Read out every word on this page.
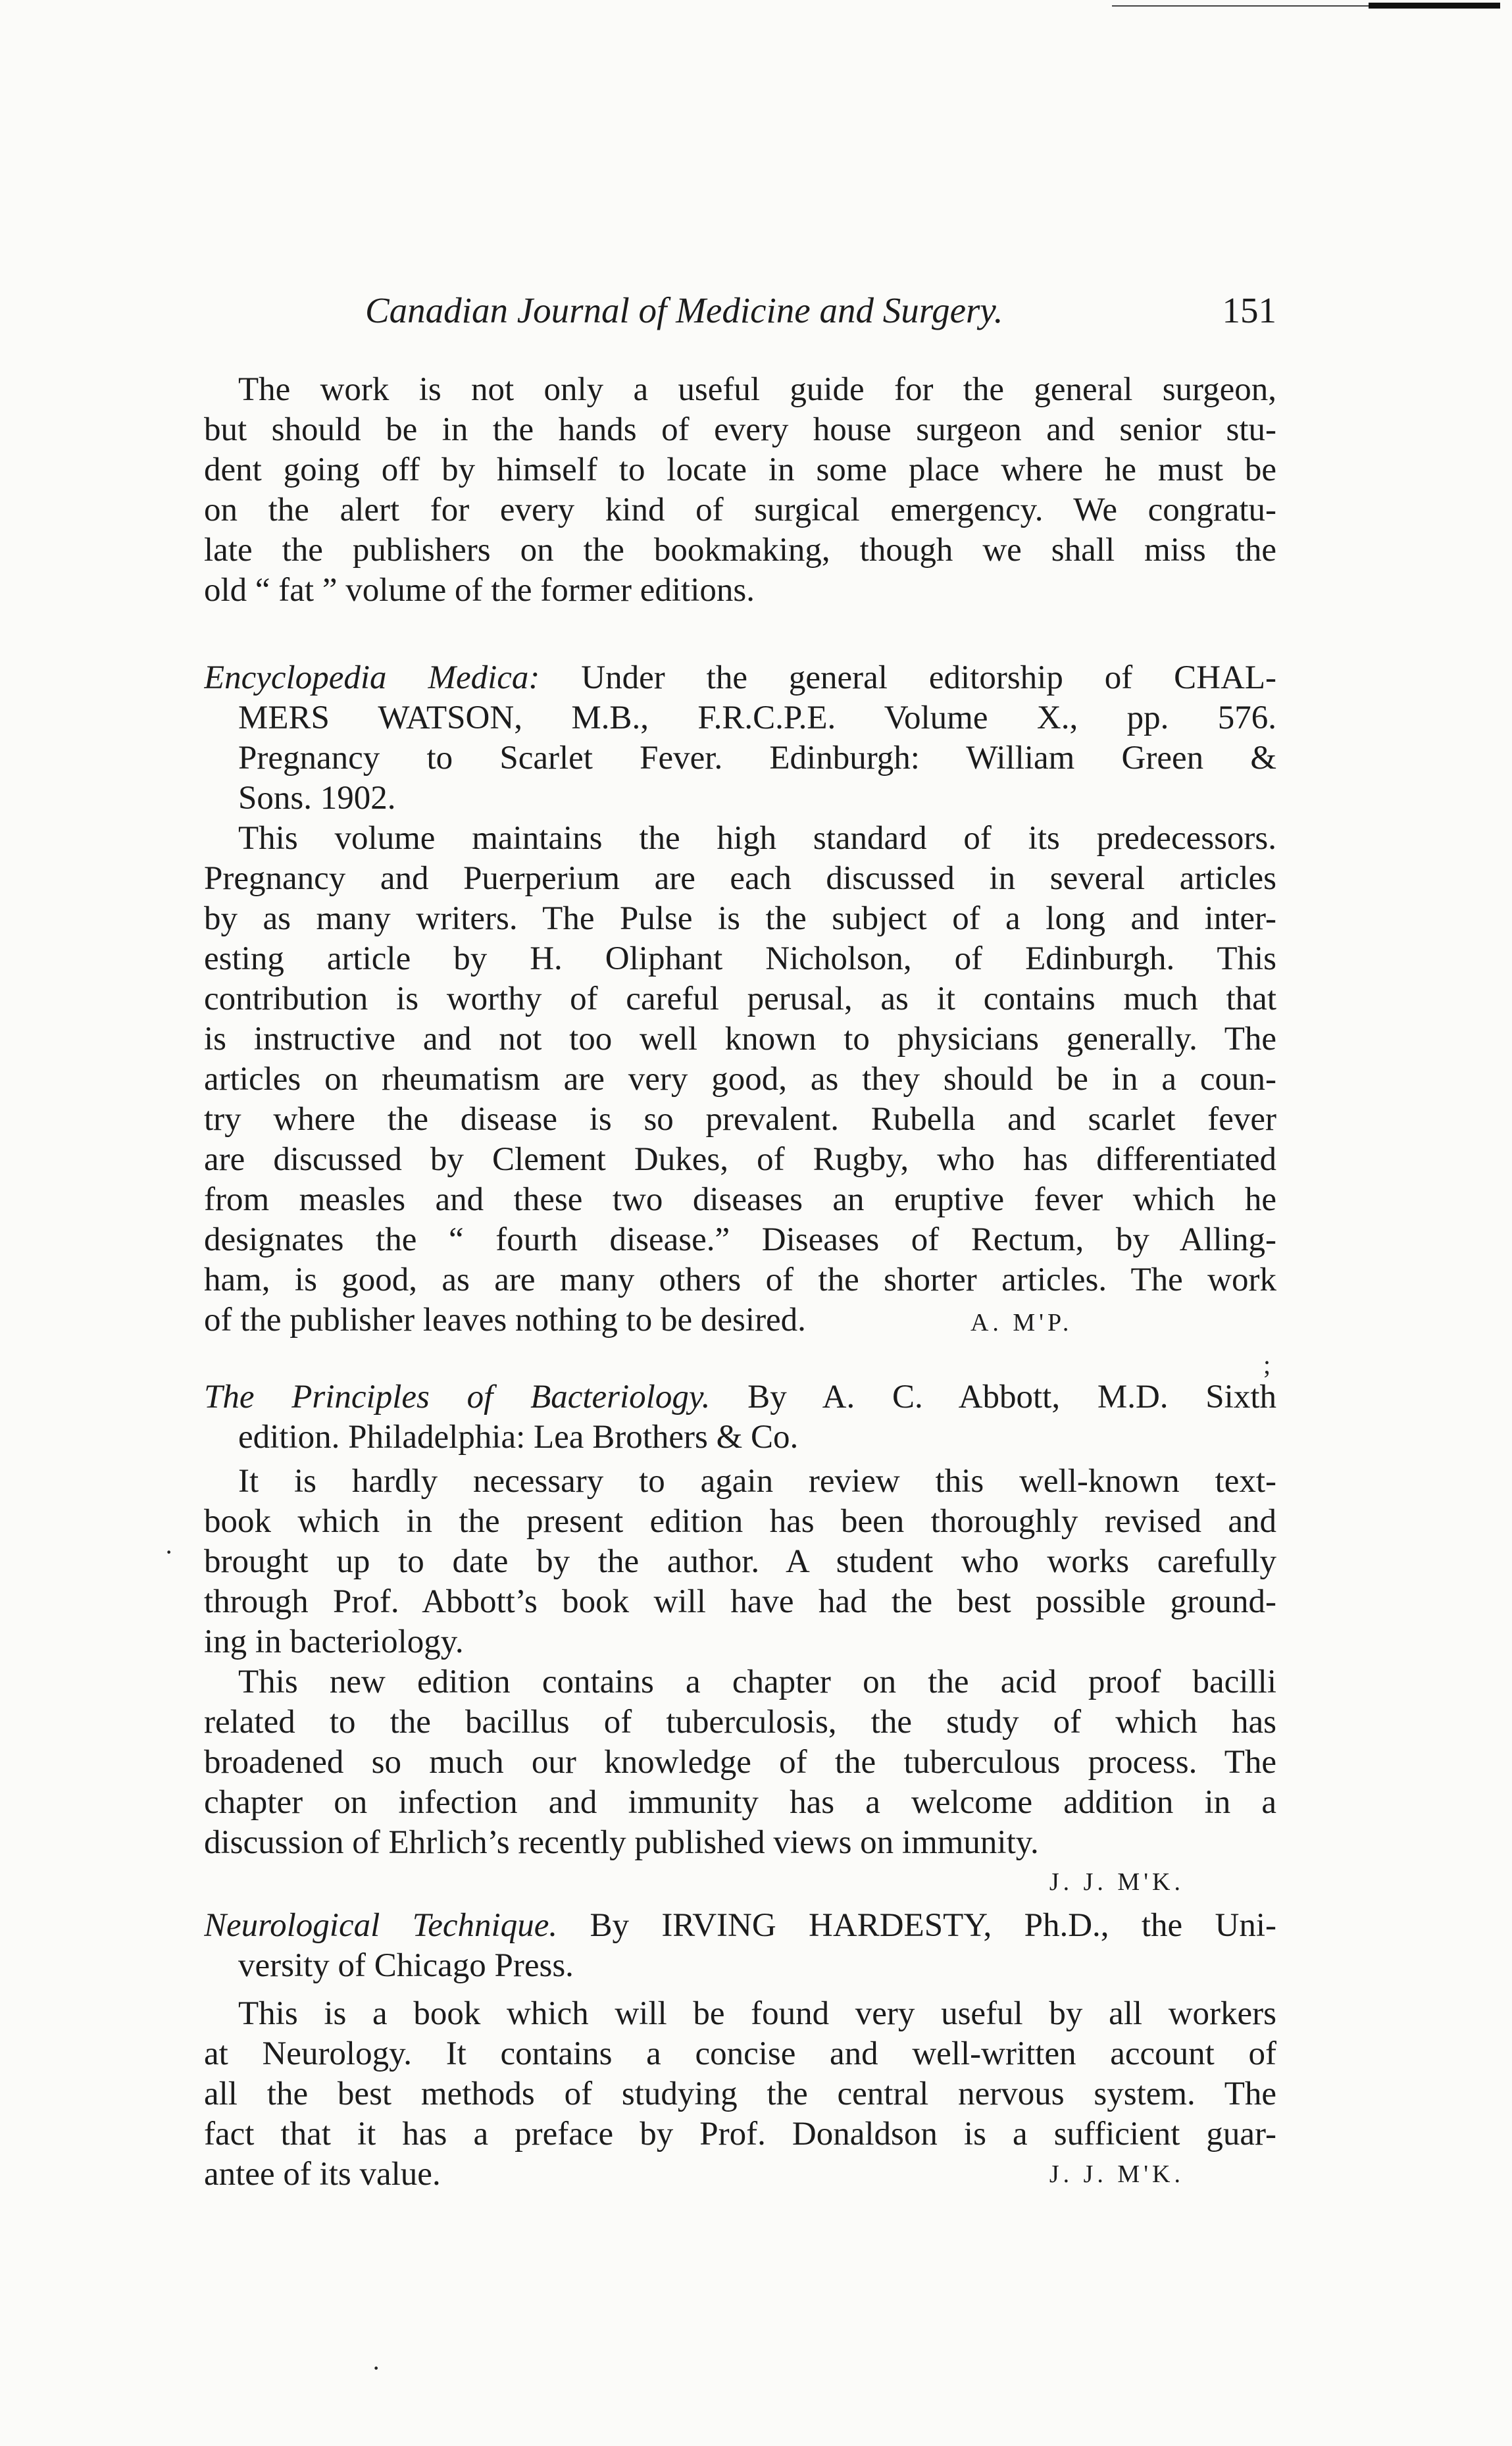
Canadian Journal of Medicine and Surgery.	151
The work is not only a useful guide for the general surgeon,
but should be in the hands of every house surgeon and senior stu-
dent going off by himself to locate in some place where he must be
on the alert for every kind of surgical emergency. We congratu-
late the publishers on the bookmaking, though we shall miss the
old “ fat ” volume of the former editions.
Encyclopedia Medica: Under the general editorship of CHAL-
MERS WATSON, M.B., F.R.C.P.E. Volume X., pp. 576.
Pregnancy to Scarlet Fever. Edinburgh: William Green &
Sons. 1902.
This volume maintains the high standard of its predecessors.
Pregnancy and Puerperium are each discussed in several articles
by as many writers. The Pulse is the subject of a long and inter-
esting article by H. Oliphant Nicholson, of Edinburgh. This
contribution is worthy of careful perusal, as it contains much that
is instructive and not too well known to physicians generally. The
articles on rheumatism are very good, as they should be in a coun-
try where the disease is so prevalent. Rubella and scarlet fever
are discussed by Clement Dukes, of Rugby, who has differentiated
from measles and these two diseases an eruptive fever which he
designates the “ fourth disease.” Diseases of Rectum, by Alling-
ham, is good, as are many others of the shorter articles. The work
of the publisher leaves nothing to be desired.	A. M'P.
The Principles of Bacteriology. By A. C. Abbott, M.D. Sixth
edition. Philadelphia: Lea Brothers & Co.
It is hardly necessary to again review this well-known text-
book which in the present edition has been thoroughly revised and
brought up to date by the author. A student who works carefully
through Prof. Abbott’s book will have had the best possible ground-
ing in bacteriology.
This new edition contains a chapter on the acid proof bacilli
related to the bacillus of tuberculosis, the study of which has
broadened so much our knowledge of the tuberculous process. The
chapter on infection and immunity has a welcome addition in a
discussion of Ehrlich’s recently published views on immunity.
J. J. M'K.
Neurological Technique. By IRVING HARDESTY, Ph.D., the Uni-
versity of Chicago Press.
This is a book which will be found very useful by all workers
at Neurology. It contains a concise and well-written account of
all the best methods of studying the central nervous system. The
fact that it has a preface by Prof. Donaldson is a sufficient guar-
antee of its value.	J. J. M'K.
;
·
·
